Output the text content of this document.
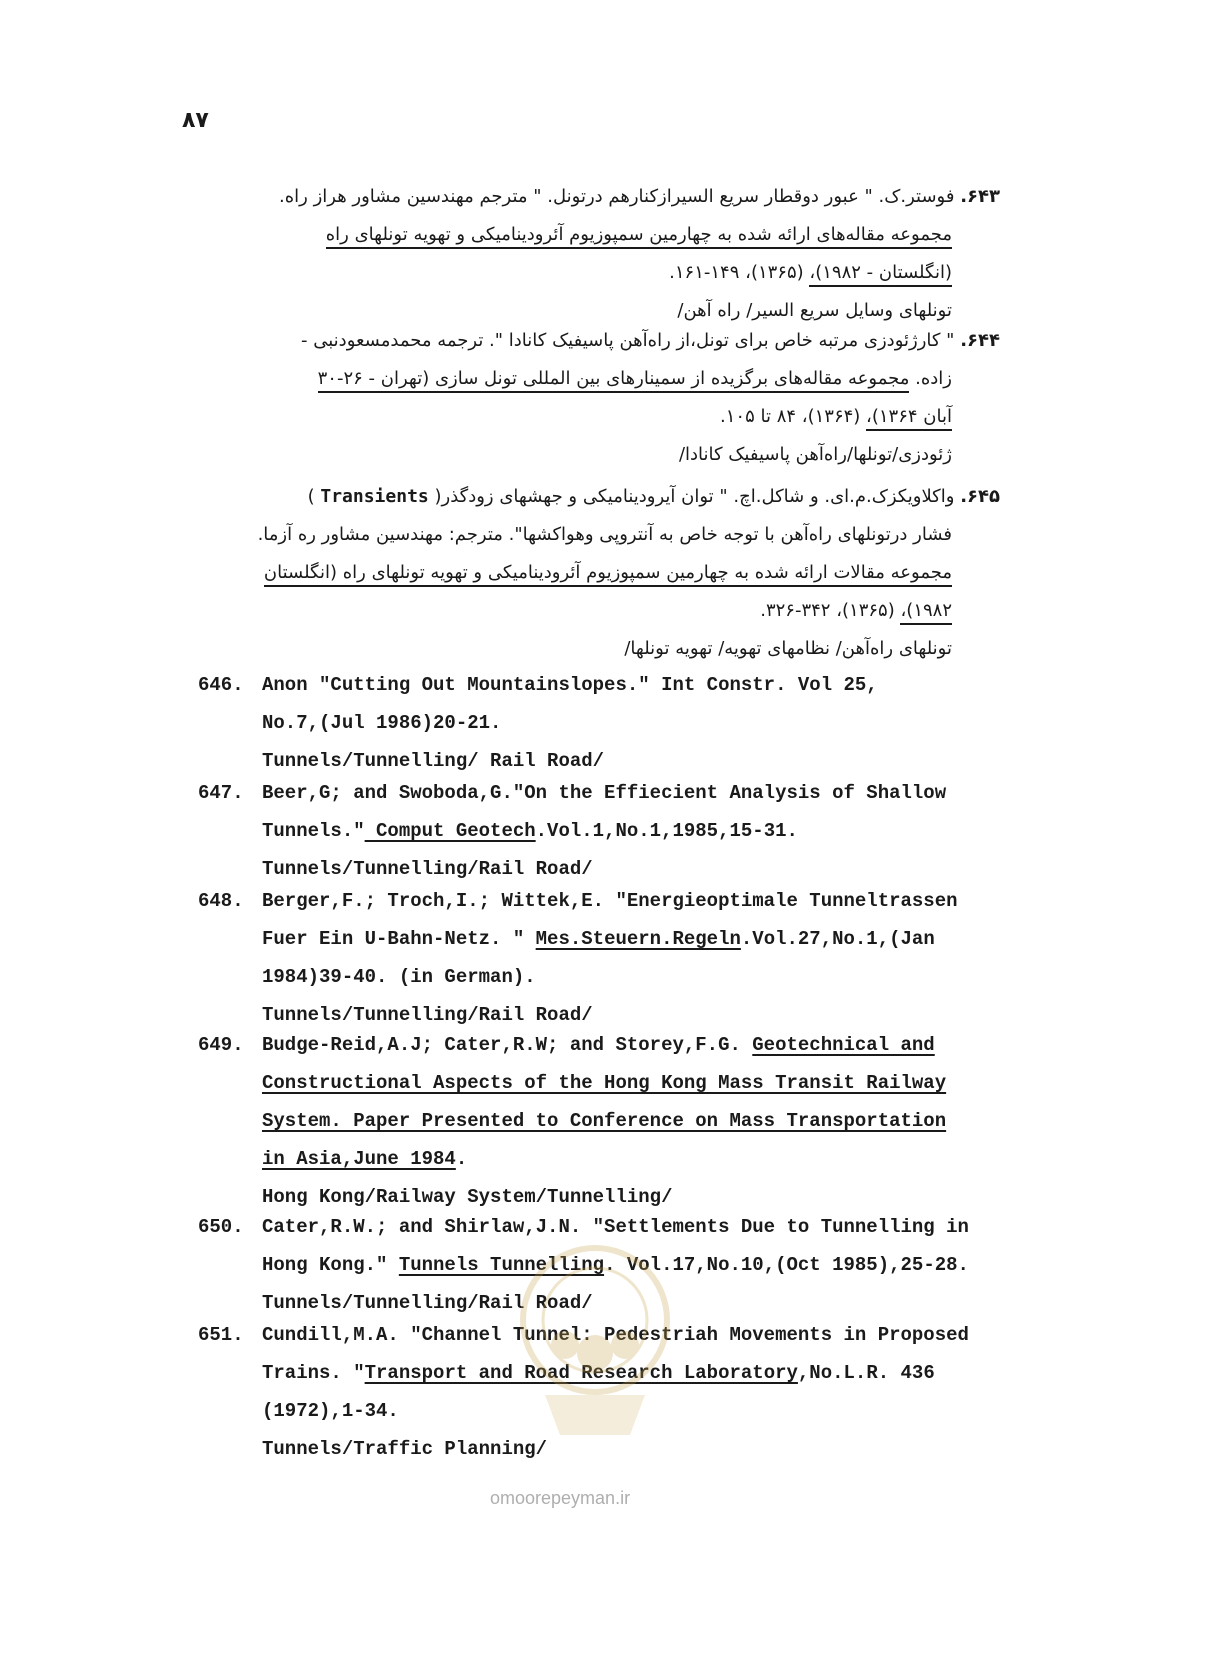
۸۷
۶۴۳. فوستر.ک. " عبور دوقطار سریع السیرازکنارهم درتونل. " مترجم مهندسین مشاور هراز راه.
مجموعه مقاله‌های ارائه شده به چهارمین سمپوزیوم آئرودینامیکی و تهویه تونلهای راه
(انگلستان - ۱۹۸۲)، (۱۳۶۵)، ۱۴۹-۱۶۱.
تونلهای وسایل سریع السیر/ راه آهن/
۶۴۴. " کارژئودزی مرتبه خاص برای تونل،از راه‌آهن پاسیفیک کانادا ". ترجمه محمدمسعودنبی -
زاده. مجموعه مقاله‌های برگزیده از سمینارهای بین المللی تونل سازی (تهران - ۲۶-۳۰
آبان ۱۳۶۴)، (۱۳۶۴)، ۸۴ تا ۱۰۵.
ژئودزی/تونلها/راه‌آهن پاسیفیک کانادا/
۶۴۵. واکلاویکزک.م.ای. و شاکل.اچ. " توان آیرودینامیکی و جهشهای زودگذر( Transients )
فشار درتونلهای راه‌آهن با توجه خاص به آنتروپی وهواکشها". مترجم: مهندسین مشاور ره آزما.
مجموعه مقالات ارائه شده به چهارمین سمپوزیوم آئرودینامیکی و تهویه تونلهای راه (انگلستان
۱۹۸۲)، (۱۳۶۵)، ۳۲۶-۳۴۲.
تونلهای راه‌آهن/ نظامهای تهویه/ تهویه تونلها/
646. Anon "Cutting Out Mountainslopes." Int Constr. Vol 25,
No.7,(Jul 1986)20-21.
Tunnels/Tunnelling/ Rail Road/
647. Beer,G; and Swoboda,G."On the Effiecient Analysis of Shallow
Tunnels." Comput Geotech.Vol.1,No.1,1985,15-31.
Tunnels/Tunnelling/Rail Road/
648. Berger,F.; Troch,I.; Wittek,E. "Energieoptimale Tunneltrassen
Fuer Ein U-Bahn-Netz. " Mes.Steuern.Regeln.Vol.27,No.1,(Jan
1984)39-40. (in German).
Tunnels/Tunnelling/Rail Road/
649. Budge-Reid,A.J; Cater,R.W; and Storey,F.G. Geotechnical and
Constructional Aspects of the Hong Kong Mass Transit Railway
System. Paper Presented to Conference on Mass Transportation
in Asia,June 1984.
Hong Kong/Railway System/Tunnelling/
650. Cater,R.W.; and Shirlaw,J.N. "Settlements Due to Tunnelling in
Hong Kong." Tunnels Tunnelling. Vol.17,No.10,(Oct 1985),25-28.
Tunnels/Tunnelling/Rail Road/
651. Cundill,M.A. "Channel Tunnel: Pedestriah Movements in Proposed
Trains. "Transport and Road Research Laboratory,No.L.R. 436
(1972),1-34.
Tunnels/Traffic Planning/
omoorepeyman.ir
